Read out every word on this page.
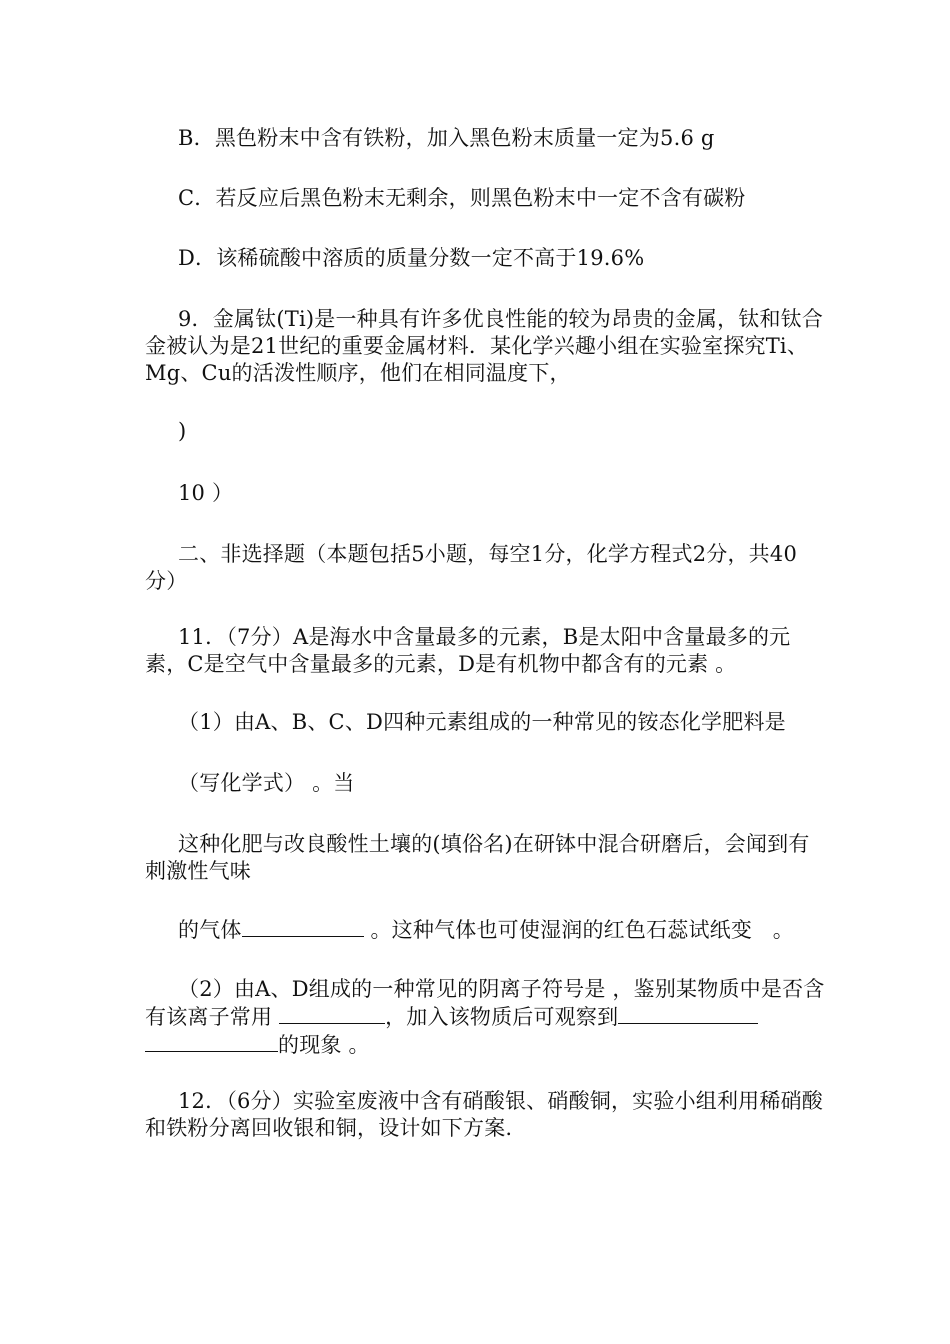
B．黑色粉末中含有铁粉，加入黑色粉末质量一定为5.6 g
C．若反应后黑色粉末无剩余，则黑色粉末中一定不含有碳粉
D．该稀硫酸中溶质的质量分数一定不高于19.6%
9．金属钛(Ti)是一种具有许多优良性能的较为昂贵的金属，钛和钛合金被认为是21世纪的重要金属材料．某化学兴趣小组在实验室探究Ti、Mg、Cu的活泼性顺序，他们在相同温度下，
)
10 ）
二、非选择题（本题包括5小题，每空1分，化学方程式2分，共40分）
11．（7分）A是海水中含量最多的元素，B是太阳中含量最多的元素，C是空气中含量最多的元素，D是有机物中都含有的元素 。
（1）由A、B、C、D四种元素组成的一种常见的铵态化学肥料是
（写化学式） 。当
这种化肥与改良酸性土壤的(填俗名)在研钵中混合研磨后，会闻到有刺激性气味
的气体	。这种气体也可使湿润的红色石蕊试纸变   。
（2）由A、D组成的一种常见的阴离子符号是 ，鉴别某物质中是否含有该离子常用	，加入该物质后可观察到的现象 。
12．（6分）实验室废液中含有硝酸银、硝酸铜，实验小组利用稀硝酸和铁粉分离回收银和铜，设计如下方案.
